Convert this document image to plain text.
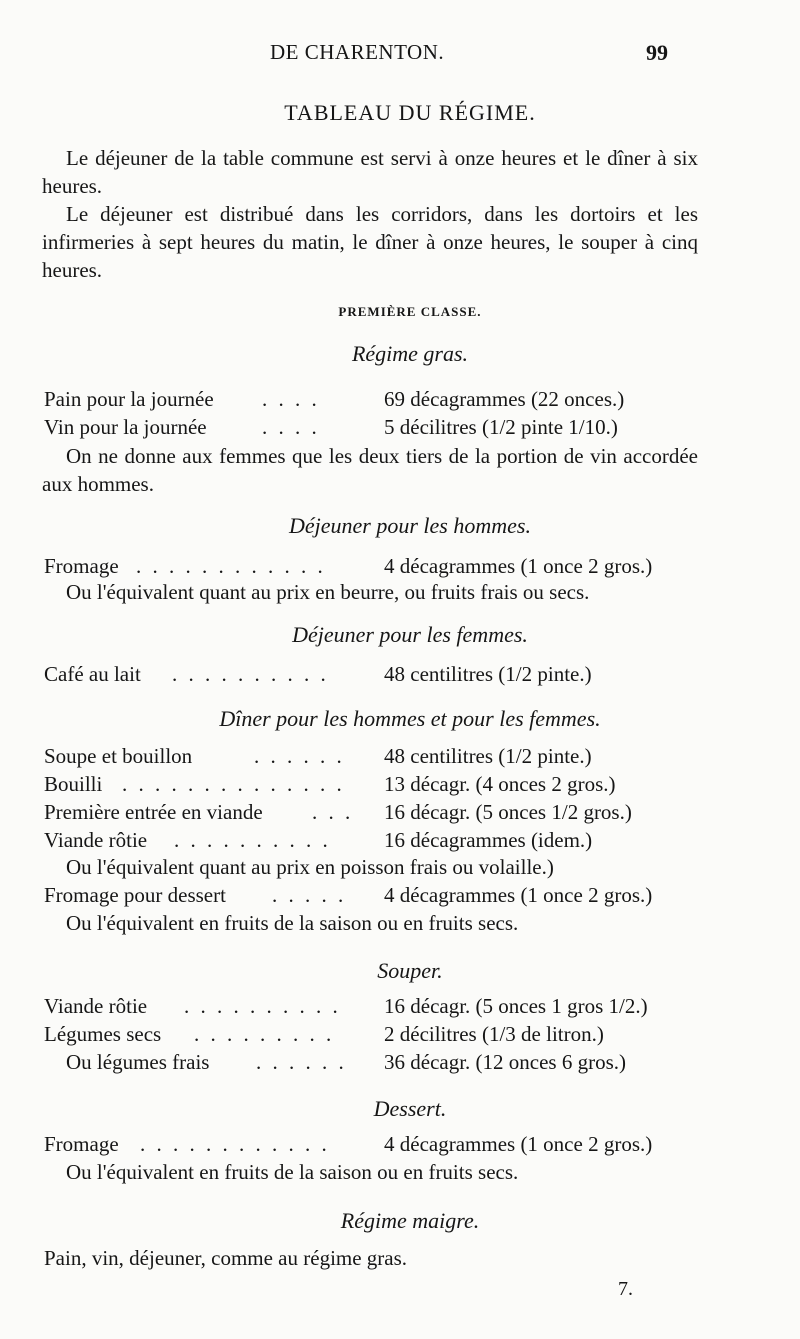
DE CHARENTON.	99
TABLEAU DU RÉGIME.
Le déjeuner de la table commune est servi à onze heures et le dîner à six heures.
Le déjeuner est distribué dans les corridors, dans les dortoirs et les infirmeries à sept heures du matin, le dîner à onze heures, le souper à cinq heures.
PREMIÈRE CLASSE.
Régime gras.
Pain pour la journée . . . .	69 décagrammes (22 onces.)
Vin pour la journée	. . . .	5 décilitres (1/2 pinte 1/10.)
On ne donne aux femmes que les deux tiers de la portion de vin accordée aux hommes.
Déjeuner pour les hommes.
Fromage . . . . . . . . . . . .	4 décagrammes (1 once 2 gros.)
Ou l'équivalent quant au prix en beurre, ou fruits frais ou secs.
Déjeuner pour les femmes.
Café au lait . . . . . . . . . .	48 centilitres (1/2 pinte.)
Dîner pour les hommes et pour les femmes.
Soupe et bouillon	. . . . . . 48 centilitres (1/2 pinte.)
Bouilli . . . . . . . . . . . . . . 13 décagr. (4 onces 2 gros.)
Première entrée en viande . . . 16 décagr. (5 onces 1/2 gros.)
Viande rôtie . . . . . . . . . .	16 décagrammes (idem.)
Ou l'équivalent quant au prix en poisson frais ou volaille.)
Fromage pour dessert . . . . . 4 décagrammes (1 once 2 gros.)
Ou l'équivalent en fruits de la saison ou en fruits secs.
Souper.
Viande rôtie . . . . . . . . . . 16 décagr. (5 onces 1 gros 1/2.)
Légumes secs . . . . . . . . . 2 décilitres (1/3 de litron.)
Ou légumes frais . . . . . . 36 décagr. (12 onces 6 gros.)
Dessert.
Fromage . . . . . . . . . . . .	4 décagrammes (1 once 2 gros.)
Ou l'équivalent en fruits de la saison ou en fruits secs.
Régime maigre.
Pain, vin, déjeuner, comme au régime gras.
7.
